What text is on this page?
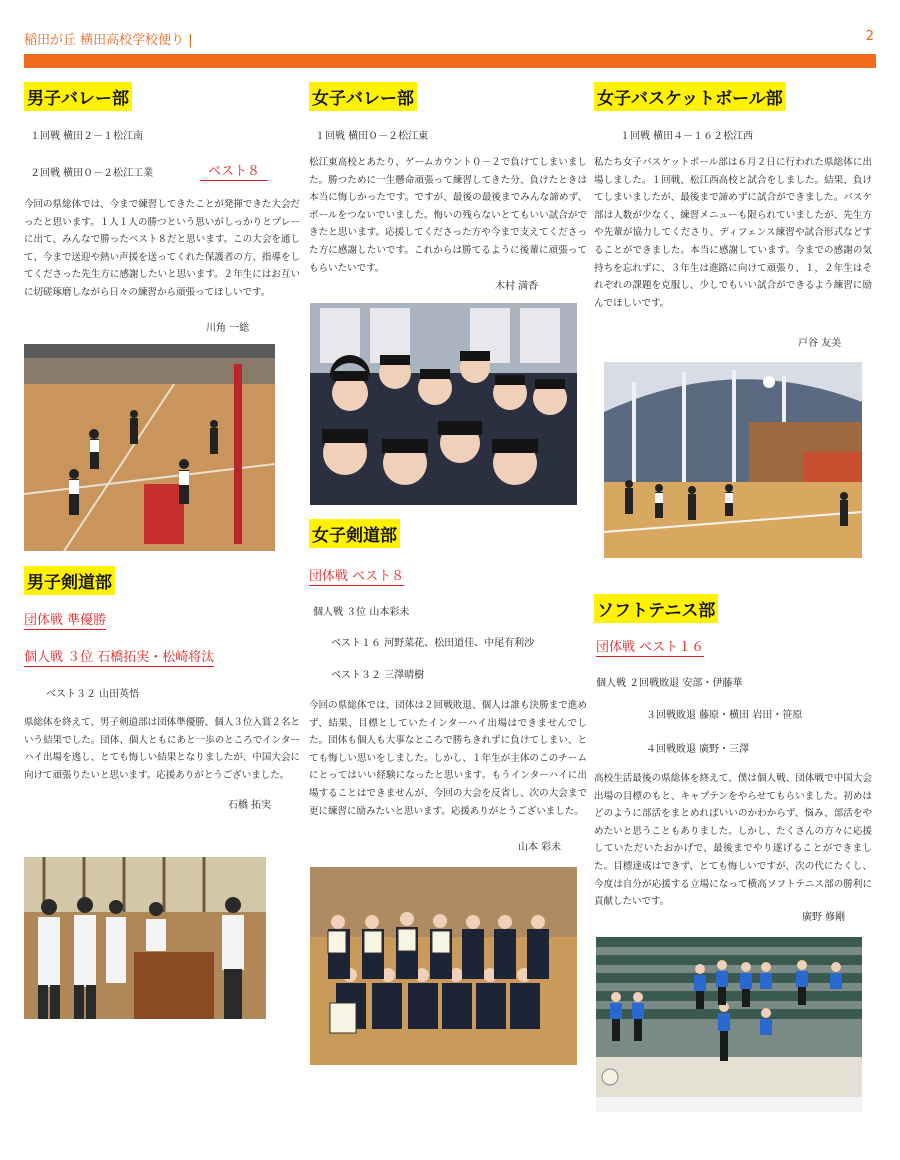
稲田が丘 横田高校学校便り |	2
男子バレー部
１回戦 横田２－１松江南
２回戦 横田０－２松江工業	ベスト８
今回の県総体では、今まで練習してきたことが発揮できた大会だったと思います。１人１人の勝つという思いがしっかりとプレーに出て、みんなで勝ったベスト８だと思います。この大会を通して、今まで送迎や熱い声援を送ってくれた保護者の方、指導をしてくださった先生方に感謝したいと思います。２年生にはお互いに切磋琢磨しながら日々の練習から頑張ってほしいです。
川角 一総
男子剣道部
団体戦 準優勝
個人戦 ３位 石橋拓実・松崎将汰
ベスト３２ 山田英悟
県総体を終えて、男子剣道部は団体準優勝、個人３位入賞２名という結果でした。団体、個人ともにあと一歩のところでインターハイ出場を逃し、とても悔しい結果となりましたが、中国大会に向けて頑張りたいと思います。応援ありがとうございました。
石橋 拓実
女子バレー部
１回戦 横田０－２松江東
松江東高校とあたり、ゲームカウント０－２で負けてしまいました。勝つために一生懸命頑張って練習してきた分、負けたときは本当に悔しかったです。ですが、最後の最後までみんな諦めず、ボールをつないでいました。悔いの残らないとてもいい試合ができたと思います。応援してくださった方や今まで支えてくださった方に感謝したいです。これからは勝てるように後輩に頑張ってもらいたいです。
木村 満香
女子剣道部
団体戦 ベスト８
個人戦 ３位 山本彩未
ベスト１６ 河野菜花、松田道佳、中尾有利沙
ベスト３２ 三澤晴樹
今回の県総体では、団体は２回戦敗退、個人は誰も決勝まで進めず、結果、目標としていたインターハイ出場はできませんでした。団体も個人も大事なところで勝ちきれずに負けてしまい、とても悔しい思いをしました。しかし、１年生が主体のこのチームにとってはいい経験になったと思います。もうインターハイに出場することはできませんが、今回の大会を反省し、次の大会まで更に練習に励みたいと思います。応援ありがとうございました。
山本 彩未
女子バスケットボール部
１回戦 横田４－１６２松江西
私たち女子バスケットボール部は６月２日に行われた県総体に出場しました。１回戦、松江西高校と試合をしました。結果、負けてしまいましたが、最後まで諦めずに試合ができました。バスケ部は人数が少なく、練習メニューも限られていましたが、先生方や先輩が協力してくださり、ディフェンス練習や試合形式などすることができました。本当に感謝しています。今までの感謝の気持ちを忘れずに、３年生は進路に向けて頑張り、１，２年生はそれぞれの課題を克服し、少しでもいい試合ができるよう練習に励んでほしいです。
戸谷 友美
ソフトテニス部
団体戦 ベスト１６
個人戦 ２回戦敗退 安部・伊藤華
３回戦敗退 藤原・横田 岩田・笹原
４回戦敗退 廣野・三澤
高校生活最後の県総体を終えて、僕は個人戦、団体戦で中国大会出場の目標のもと、キャプテンをやらせてもらいました。初めはどのように部活をまとめればいいのかわからず、悩み、部活をやめたいと思うこともありました。しかし、たくさんの方々に応援していただいたおかげで、最後までやり遂げることができました。目標達成はできず、とても悔しいですが、次の代にたくし、今度は自分が応援する立場になって横高ソフトテニス部の勝利に貢献したいです。
廣野 修剛
